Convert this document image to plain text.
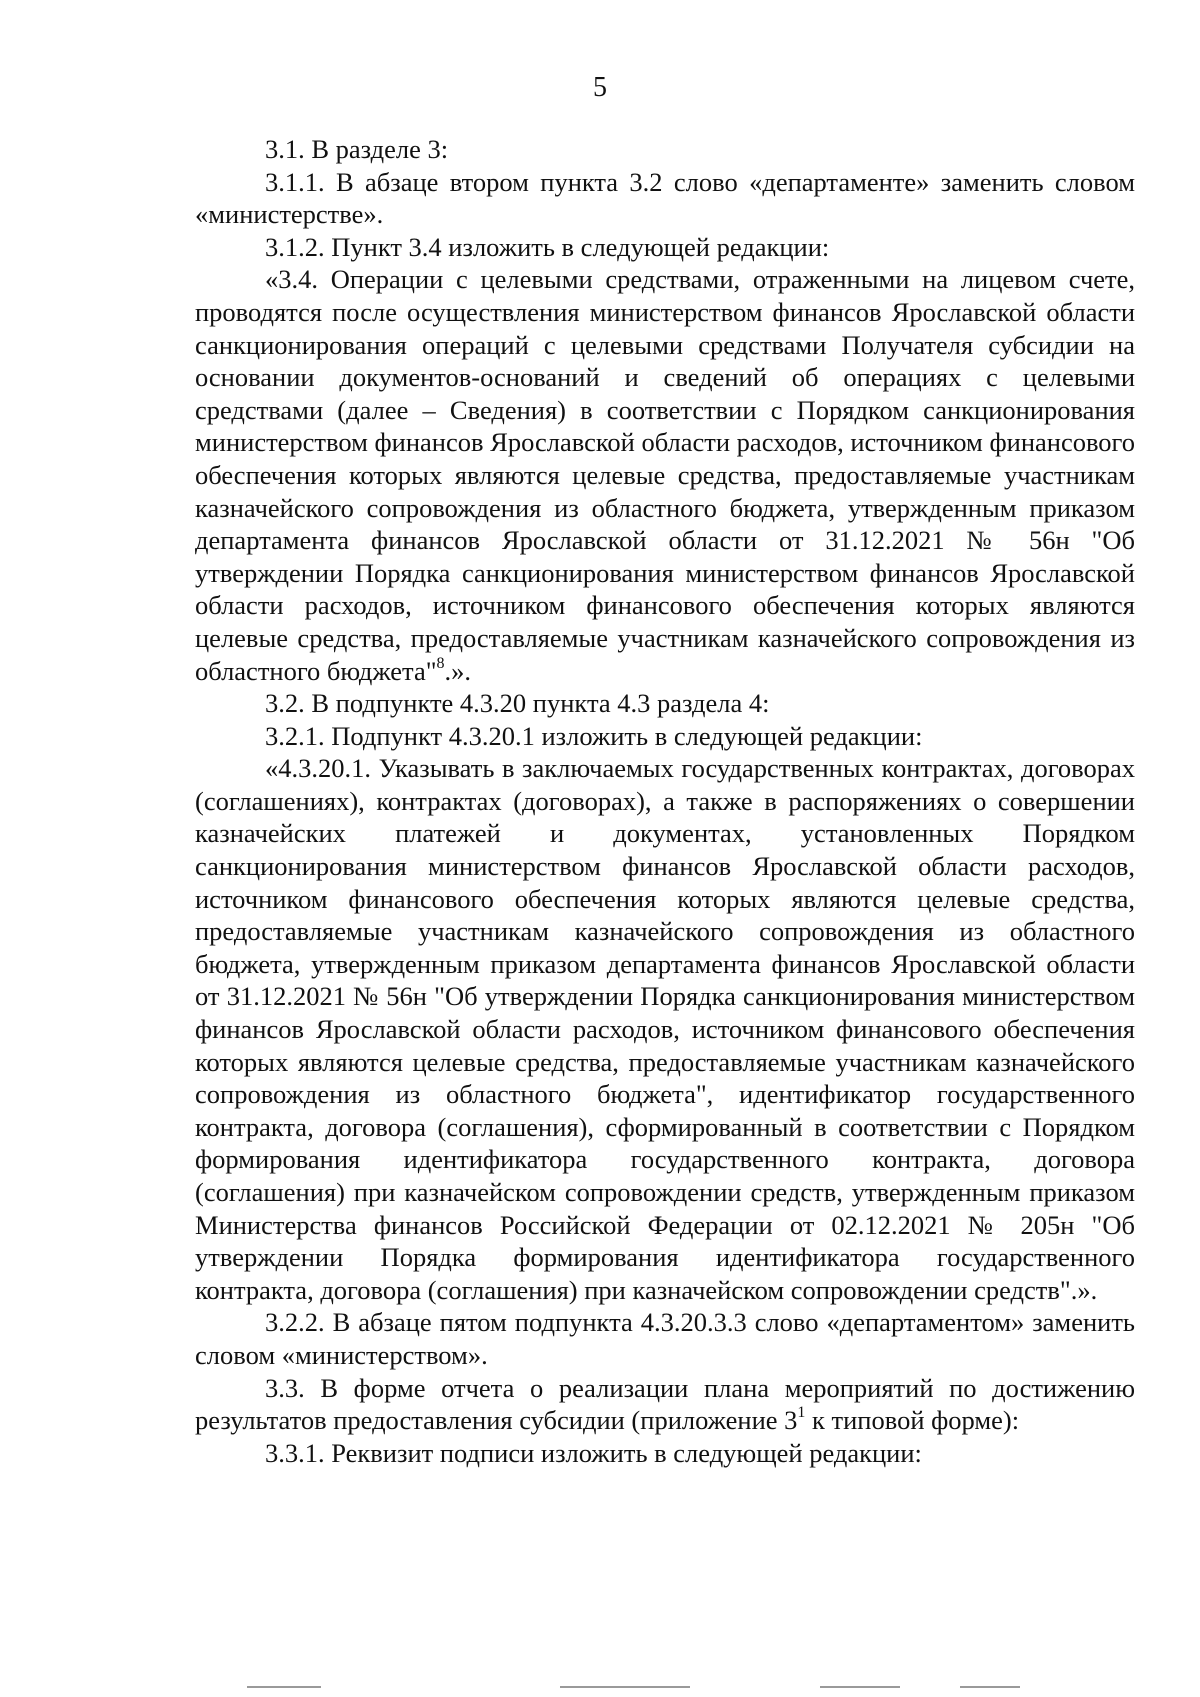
5

3.1. В разделе 3:

3.1.1. В абзаце втором пункта 3.2 слово «департаменте» заменить словом «министерстве».

3.1.2. Пункт 3.4 изложить в следующей редакции:

«3.4. Операции с целевыми средствами, отраженными на лицевом счете, проводятся после осуществления министерством финансов Ярославской области санкционирования операций с целевыми средствами Получателя субсидии на основании документов-оснований и сведений об операциях с целевыми средствами (далее – Сведения) в соответствии с Порядком санкционирования министерством финансов Ярославской области расходов, источником финансового обеспечения которых являются целевые средства, предоставляемые участникам казначейского сопровождения из областного бюджета, утвержденным приказом департамента финансов Ярославской области от 31.12.2021 № 56н "Об утверждении Порядка санкционирования министерством финансов Ярославской области расходов, источником финансового обеспечения которых являются целевые средства, предоставляемые участникам казначейского сопровождения из областного бюджета"$^8$.».

3.2. В подпункте 4.3.20 пункта 4.3 раздела 4:

3.2.1. Подпункт 4.3.20.1 изложить в следующей редакции:

«4.3.20.1. Указывать в заключаемых государственных контрактах, договорах (соглашениях), контрактах (договорах), а также в распоряжениях о совершении казначейских платежей и документах, установленных Порядком санкционирования министерством финансов Ярославской области расходов, источником финансового обеспечения которых являются целевые средства, предоставляемые участникам казначейского сопровождения из областного бюджета, утвержденным приказом департамента финансов Ярославской области от 31.12.2021 № 56н "Об утверждении Порядка санкционирования министерством финансов Ярославской области расходов, источником финансового обеспечения которых являются целевые средства, предоставляемые участникам казначейского сопровождения из областного бюджета", идентификатор государственного контракта, договора (соглашения), сформированный в соответствии с Порядком формирования идентификатора государственного контракта, договора (соглашения) при казначейском сопровождении средств, утвержденным приказом Министерства финансов Российской Федерации от 02.12.2021 № 205н "Об утверждении Порядка формирования идентификатора государственного контракта, договора (соглашения) при казначейском сопровождении средств".».

3.2.2. В абзаце пятом подпункта 4.3.20.3.3 слово «департаментом» заменить словом «министерством».

3.3. В форме отчета о реализации плана мероприятий по достижению результатов предоставления субсидии (приложение $3^1$ к типовой форме):

3.3.1. Реквизит подписи изложить в следующей редакции:
